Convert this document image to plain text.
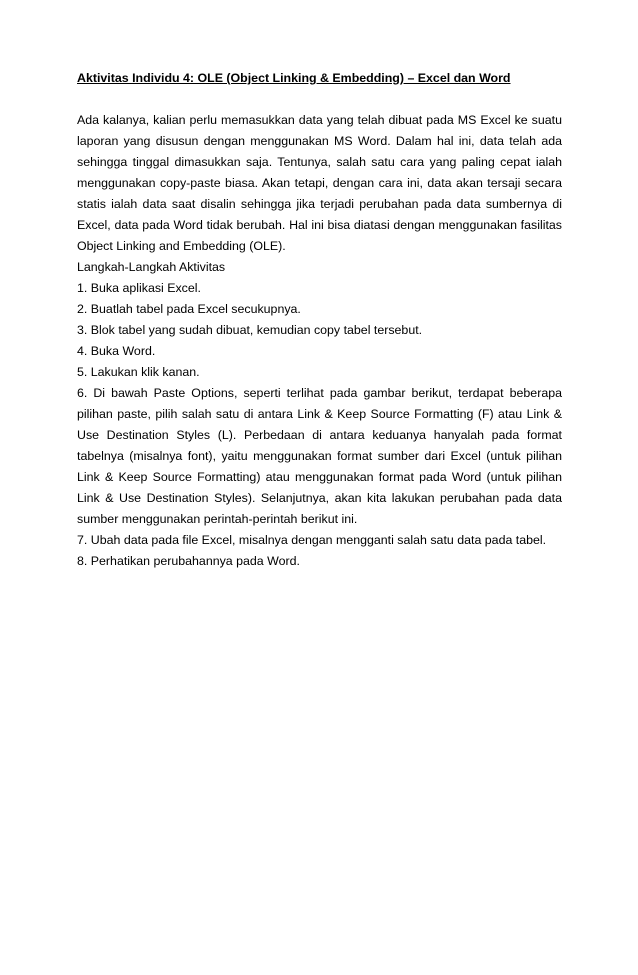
Aktivitas Individu 4: OLE (Object Linking & Embedding) – Excel dan Word

Ada kalanya, kalian perlu memasukkan data yang telah dibuat pada MS Excel ke suatu laporan yang disusun dengan menggunakan MS Word. Dalam hal ini, data telah ada sehingga tinggal dimasukkan saja. Tentunya, salah satu cara yang paling cepat ialah menggunakan copy-paste biasa. Akan tetapi, dengan cara ini, data akan tersaji secara statis ialah data saat disalin sehingga jika terjadi perubahan pada data sumbernya di Excel, data pada Word tidak berubah. Hal ini bisa diatasi dengan menggunakan fasilitas Object Linking and Embedding (OLE).

Langkah-Langkah Aktivitas

1. Buka aplikasi Excel.

2. Buatlah tabel pada Excel secukupnya.

3. Blok tabel yang sudah dibuat, kemudian copy tabel tersebut.

4. Buka Word.

5. Lakukan klik kanan.

6. Di bawah Paste Options, seperti terlihat pada gambar berikut, terdapat beberapa pilihan paste, pilih salah satu di antara Link & Keep Source Formatting (F) atau Link & Use Destination Styles (L). Perbedaan di antara keduanya hanyalah pada format tabelnya (misalnya font), yaitu menggunakan format sumber dari Excel (untuk pilihan Link & Keep Source Formatting) atau menggunakan format pada Word (untuk pilihan Link & Use Destination Styles). Selanjutnya, akan kita lakukan perubahan pada data sumber menggunakan perintah-perintah berikut ini.

7. Ubah data pada file Excel, misalnya dengan mengganti salah satu data pada tabel.

8. Perhatikan perubahannya pada Word.
